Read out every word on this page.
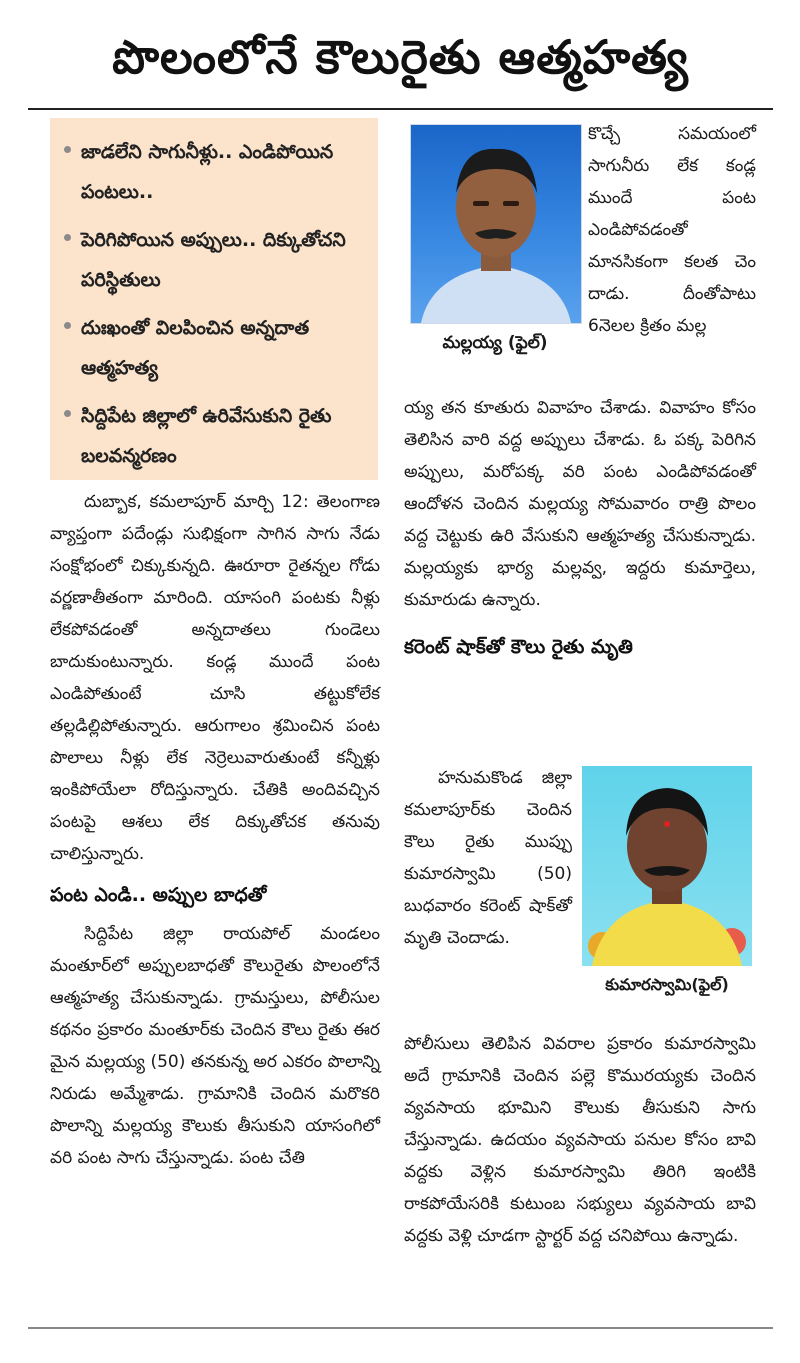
పొలంలోనే కౌలురైతు ఆత్మహత్య
జాడలేని సాగునీళ్లు.. ఎండిపోయిన పంటలు..
పెరిగిపోయిన అప్పులు.. దిక్కుతోచని పరిస్థితులు
దుఃఖంతో విలపించిన అన్నదాత ఆత్మహత్య
సిద్దిపేట జిల్లాలో ఉరివేసుకుని రైతు బలవన్మరణం

దుబ్బాక, కమలాపూర్ మార్చి 12: తెలంగాణ వ్యాప్తంగా పదేండ్లు సుభిక్షంగా సాగిన సాగు నేడు సంక్షోభంలో చిక్కుకున్నది. ఊరూరా రైతన్నల గోడు వర్ణణాతీతంగా మారింది. యాసంగి పంటకు నీళ్లు లేకపోవడంతో అన్నదాతలు గుండెలు బాదుకుంటున్నారు. కండ్ల ముందే పంట ఎండిపోతుంటే చూసి తట్టుకోలేక తల్లడిల్లిపోతున్నారు. ఆరుగాలం శ్రమించిన పంట పొలాలు నీళ్లు లేక నెర్రెలువారుతుంటే కన్నీళ్లు ఇంకిపోయేలా రోదిస్తున్నారు. చేతికి అందివచ్చిన పంటపై ఆశలు లేక దిక్కుతోచక తనువు చాలిస్తున్నారు.

పంట ఎండి.. అప్పుల బాధతో

సిద్దిపేట జిల్లా రాయపోల్ మండలం మంతూర్‌లో అప్పులబాధతో కౌలురైతు పొలంలోనే ఆత్మహత్య చేసుకున్నాడు. గ్రామస్తులు, పోలీసుల కథనం ప్రకారం మంతూర్‌కు చెందిన కౌలు రైతు ఈర మైన మల్లయ్య (50) తనకున్న అర ఎకరం పొలాన్ని నిరుడు అమ్మేశాడు. గ్రామానికి చెందిన మరొకరి పొలాన్ని మల్లయ్య కౌలుకు తీసుకుని యాసంగిలో వరి పంట సాగు చేస్తున్నాడు. పంట చేతి

మల్లయ్య (ఫైల్)

కొచ్చే సమయంలో సాగునీరు లేక కండ్ల ముందే పంట ఎండిపోవడంతో మానసికంగా కలత చెం దాడు. దీంతోపాటు 6నెలల క్రితం మల్ల

య్య తన కూతురు వివాహం చేశాడు. వివాహం కోసం తెలిసిన వారి వద్ద అప్పులు చేశాడు. ఓ పక్క పెరిగిన అప్పులు, మరోపక్క వరి పంట ఎండిపోవడంతో ఆందోళన చెందిన మల్లయ్య సోమవారం రాత్రి పొలం వద్ద చెట్టుకు ఉరి వేసుకుని ఆత్మహత్య చేసుకున్నాడు. మల్లయ్యకు భార్య మల్లవ్వ, ఇద్దరు కుమార్తెలు, కుమారుడు ఉన్నారు.

కరెంట్ షాక్‌తో కౌలు రైతు మృతి
కుమారస్వామి(ఫైల్)

హనుమకొండ జిల్లా కమలాపూర్‌కు చెందిన కౌలు రైతు ముప్పు కుమారస్వామి (50) బుధవారం కరెంట్ షాక్‌తో మృతి చెందాడు.

పోలీసులు తెలిపిన వివరాల ప్రకారం కుమారస్వామి అదే గ్రామానికి చెందిన పల్లె కొమురయ్యకు చెందిన వ్యవసాయ భూమిని కౌలుకు తీసుకుని సాగు చేస్తున్నాడు. ఉదయం వ్యవసాయ పనుల కోసం బావి వద్దకు వెళ్లిన కుమారస్వామి తిరిగి ఇంటికి రాకపోయేసరికి కుటుంబ సభ్యులు వ్యవసాయ బావి వద్దకు వెళ్లి చూడగా స్టార్టర్ వద్ద చనిపోయి ఉన్నాడు.
